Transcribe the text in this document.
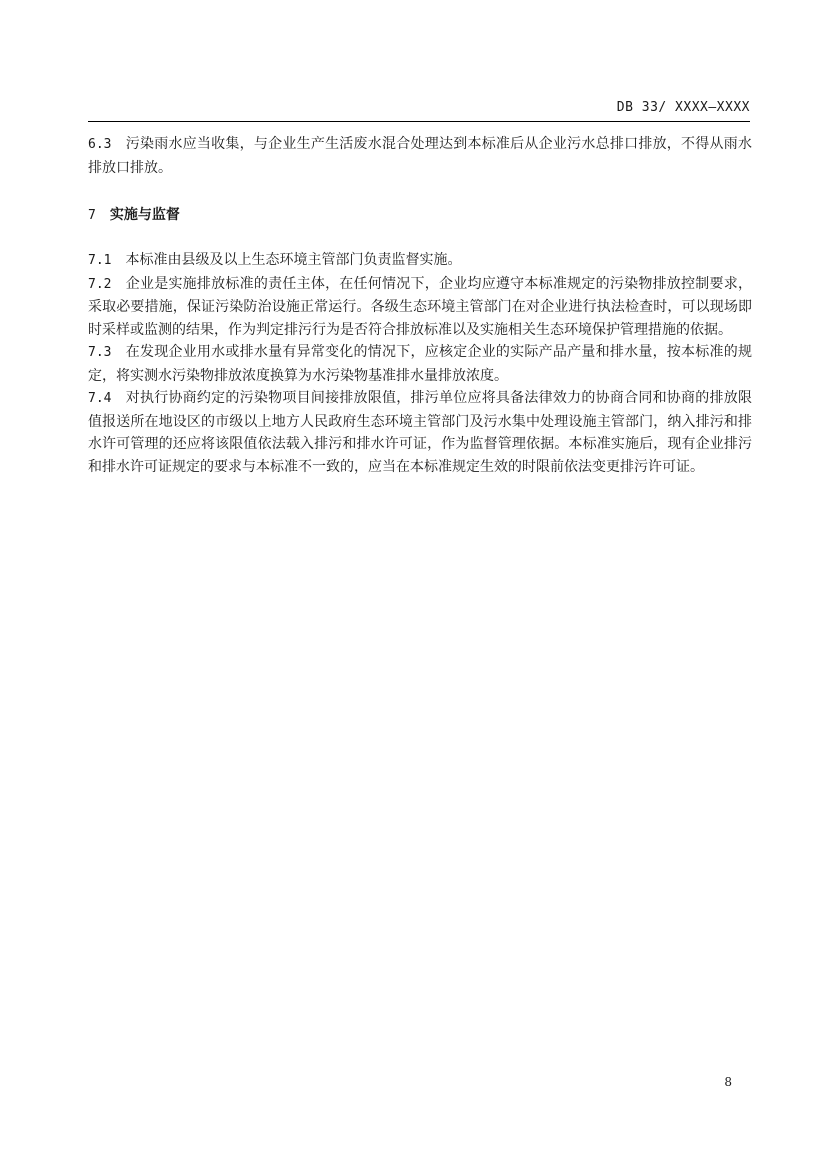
DB 33/ XXXX—XXXX

6.3 污染雨水应当收集，与企业生产生活废水混合处理达到本标准后从企业污水总排口排放，不得从雨水排放口排放。

7 实施与监督

7.1 本标准由县级及以上生态环境主管部门负责监督实施。

7.2 企业是实施排放标准的责任主体，在任何情况下，企业均应遵守本标准规定的污染物排放控制要求，采取必要措施，保证污染防治设施正常运行。各级生态环境主管部门在对企业进行执法检查时，可以现场即时采样或监测的结果，作为判定排污行为是否符合排放标准以及实施相关生态环境保护管理措施的依据。

7.3 在发现企业用水或排水量有异常变化的情况下，应核定企业的实际产品产量和排水量，按本标准的规定，将实测水污染物排放浓度换算为水污染物基准排水量排放浓度。

7.4 对执行协商约定的污染物项目间接排放限值，排污单位应将具备法律效力的协商合同和协商的排放限值报送所在地设区的市级以上地方人民政府生态环境主管部门及污水集中处理设施主管部门，纳入排污和排水许可管理的还应将该限值依法载入排污和排水许可证，作为监督管理依据。本标准实施后，现有企业排污和排水许可证规定的要求与本标准不一致的，应当在本标准规定生效的时限前依法变更排污许可证。

8
